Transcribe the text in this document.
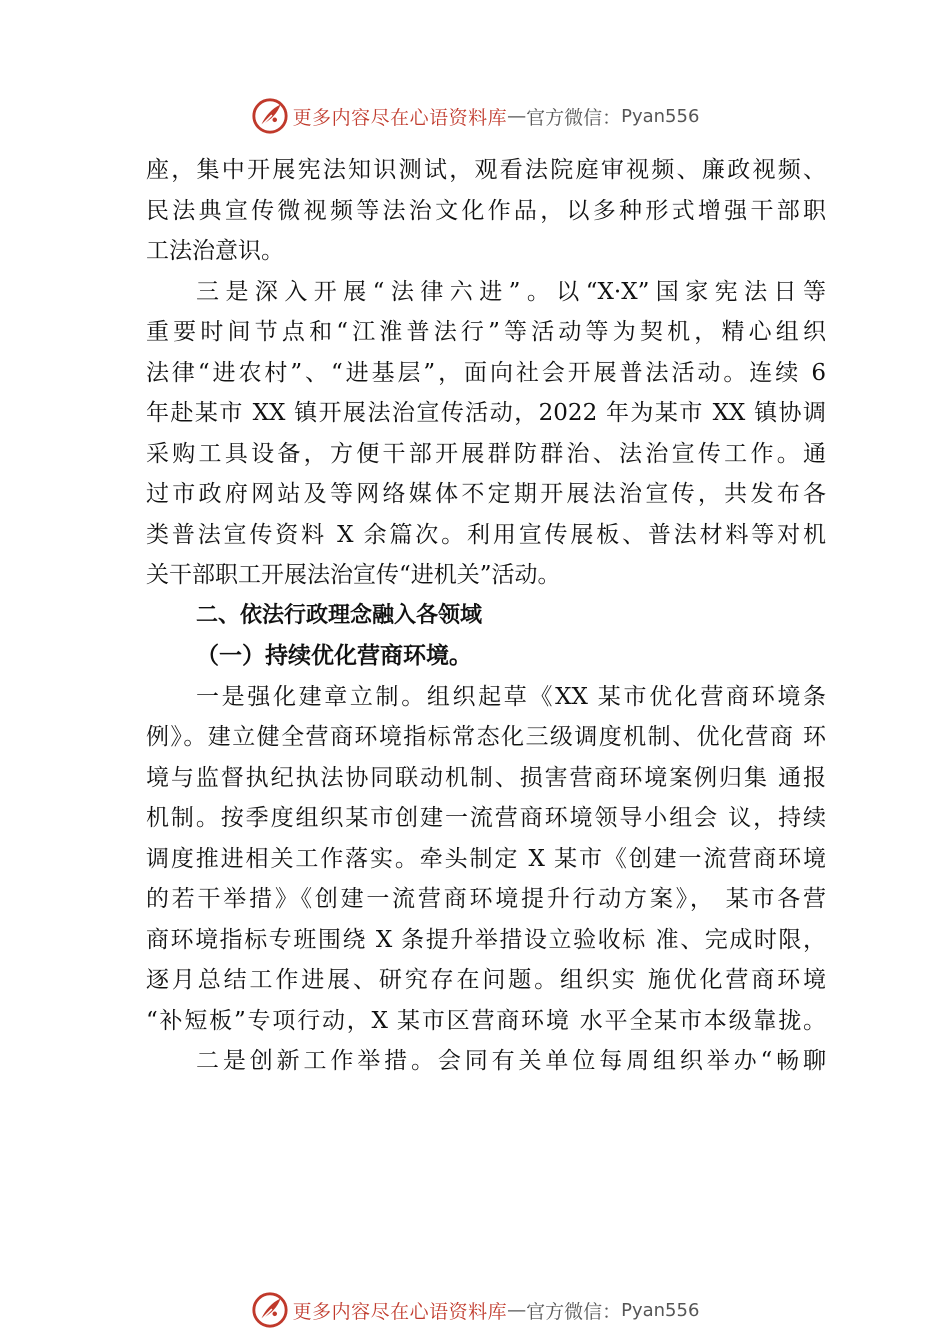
更多内容尽在心语资料库 — 官方微信： Pyan556
座，集中开展宪法知识测试，观看法院庭审视频、廉政视频、
民法典宣传微视频等法治文化作品，以多种形式增强干部职
工法治意识。
三是深入开展“法律六进”。以“X·X”国家宪法日等
重要时间节点和“江淮普法行”等活动等为契机，精心组织
法律“进农村”、“进基层”，面向社会开展普法活动。连续 6
年赴某市 XX 镇开展法治宣传活动，2022 年为某市 XX 镇协调
采购工具设备，方便干部开展群防群治、法治宣传工作。通
过市政府网站及等网络媒体不定期开展法治宣传，共发布各
类普法宣传资料 X 余篇次。利用宣传展板、普法材料等对机
关干部职工开展法治宣传“进机关”活动。
二、依法行政理念融入各领域
（一）持续优化营商环境。
一是强化建章立制。组织起草《XX 某市优化营商环境条
例》。建立健全营商环境指标常态化三级调度机制、优化营商 环
境与监督执纪执法协同联动机制、损害营商环境案例归集 通报
机制。按季度组织某市创建一流营商环境领导小组会 议，持续
调度推进相关工作落实。牵头制定 X 某市《创建一流营商环境
的若干举措》《创建一流营商环境提升行动方案》， 某市各营
商环境指标专班围绕 X 条提升举措设立验收标 准、完成时限，
逐月总结工作进展、研究存在问题。组织实 施优化营商环境
“补短板”专项行动，X 某市区营商环境 水平全某市本级靠拢。
二是创新工作举措。会同有关单位每周组织举办“畅聊
更多内容尽在心语资料库 — 官方微信： Pyan556
